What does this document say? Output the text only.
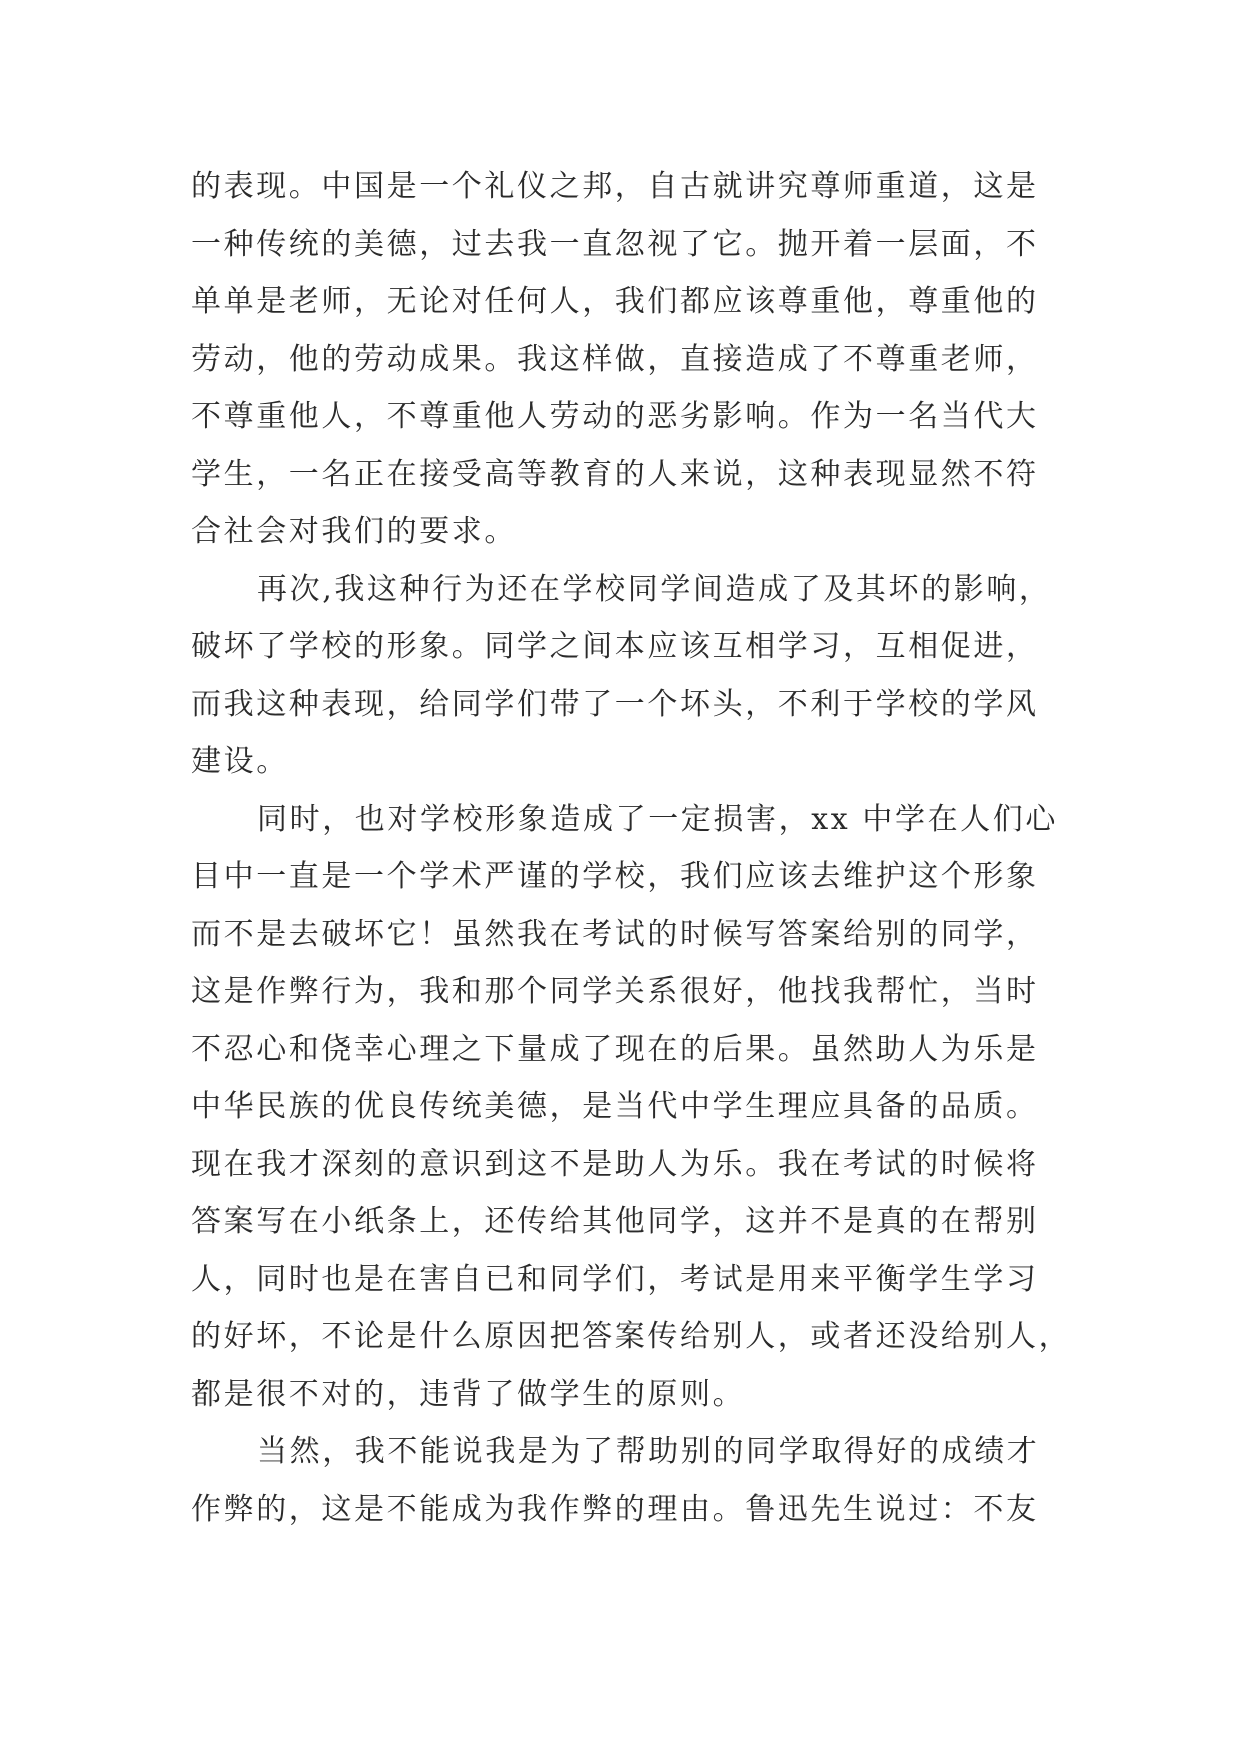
的表现。中国是一个礼仪之邦，自古就讲究尊师重道，这是
一种传统的美德，过去我一直忽视了它。抛开着一层面，不
单单是老师，无论对任何人，我们都应该尊重他，尊重他的
劳动，他的劳动成果。我这样做，直接造成了不尊重老师，
不尊重他人，不尊重他人劳动的恶劣影响。作为一名当代大
学生，一名正在接受高等教育的人来说，这种表现显然不符
合社会对我们的要求。
再次,我这种行为还在学校同学间造成了及其坏的影响，
破坏了学校的形象。同学之间本应该互相学习，互相促进，
而我这种表现，给同学们带了一个坏头，不利于学校的学风
建设。
同时，也对学校形象造成了一定损害，xx 中学在人们心
目中一直是一个学术严谨的学校，我们应该去维护这个形象
而不是去破坏它！虽然我在考试的时候写答案给别的同学，
这是作弊行为，我和那个同学关系很好，他找我帮忙，当时
不忍心和侥幸心理之下量成了现在的后果。虽然助人为乐是
中华民族的优良传统美德，是当代中学生理应具备的品质。
现在我才深刻的意识到这不是助人为乐。我在考试的时候将
答案写在小纸条上，还传给其他同学，这并不是真的在帮别
人，同时也是在害自已和同学们，考试是用来平衡学生学习
的好坏，不论是什么原因把答案传给别人，或者还没给别人，
都是很不对的，违背了做学生的原则。
当然，我不能说我是为了帮助别的同学取得好的成绩才
作弊的，这是不能成为我作弊的理由。鲁迅先生说过：不友
